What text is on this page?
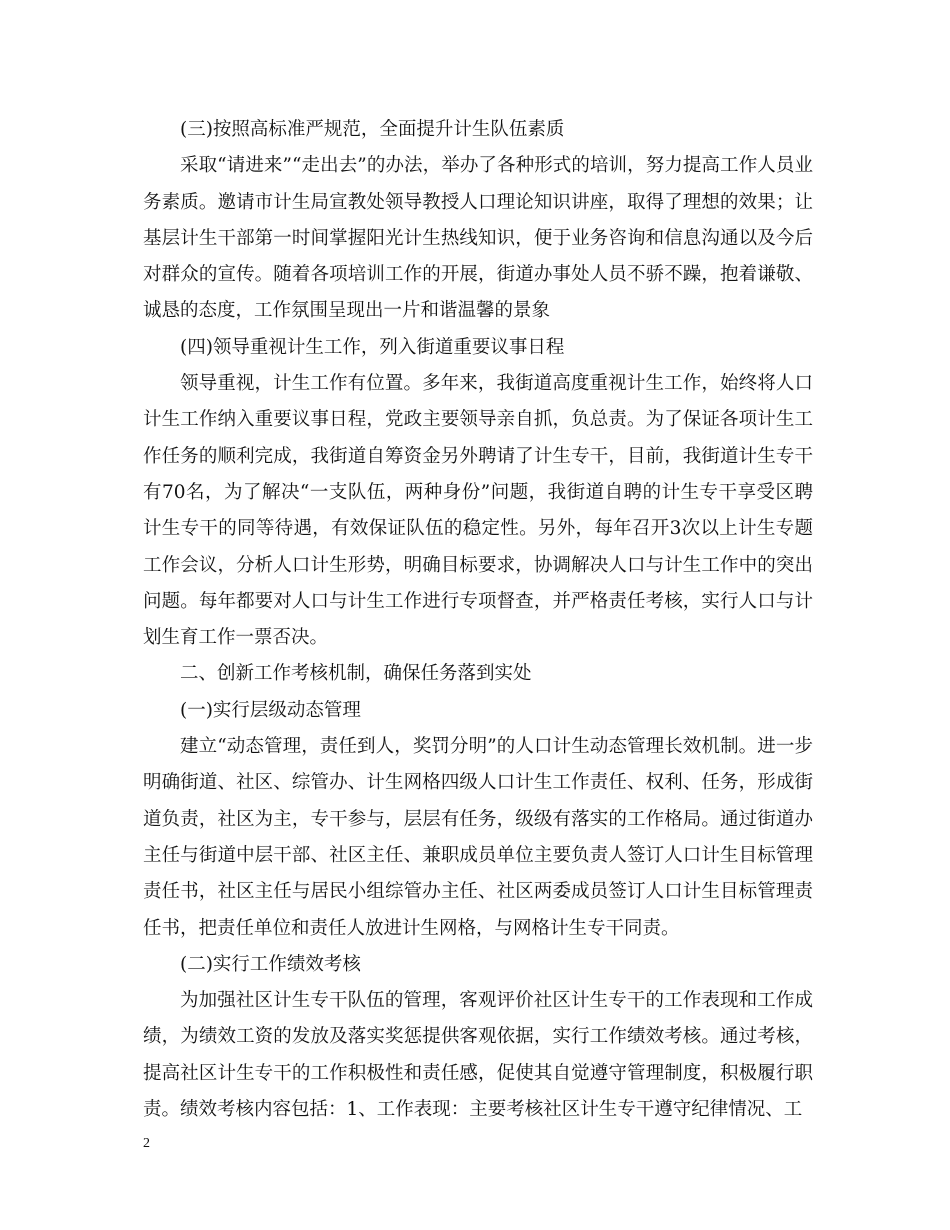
(三)按照高标准严规范，全面提升计生队伍素质

采取“请进来”“走出去”的办法，举办了各种形式的培训，努力提高工作人员业务素质。邀请市计生局宣教处领导教授人口理论知识讲座，取得了理想的效果；让基层计生干部第一时间掌握阳光计生热线知识，便于业务咨询和信息沟通以及今后对群众的宣传。随着各项培训工作的开展，街道办事处人员不骄不躁，抱着谦敬、诚恳的态度，工作氛围呈现出一片和谐温馨的景象

(四)领导重视计生工作，列入街道重要议事日程

领导重视，计生工作有位置。多年来，我街道高度重视计生工作，始终将人口计生工作纳入重要议事日程，党政主要领导亲自抓，负总责。为了保证各项计生工作任务的顺利完成，我街道自筹资金另外聘请了计生专干，目前，我街道计生专干有70名，为了解决“一支队伍，两种身份”问题，我街道自聘的计生专干享受区聘计生专干的同等待遇，有效保证队伍的稳定性。另外，每年召开3次以上计生专题工作会议，分析人口计生形势，明确目标要求，协调解决人口与计生工作中的突出问题。每年都要对人口与计生工作进行专项督查，并严格责任考核，实行人口与计划生育工作一票否决。

二、创新工作考核机制，确保任务落到实处

(一)实行层级动态管理

建立“动态管理，责任到人，奖罚分明”的人口计生动态管理长效机制。进一步明确街道、社区、综管办、计生网格四级人口计生工作责任、权利、任务，形成街道负责，社区为主，专干参与，层层有任务，级级有落实的工作格局。通过街道办主任与街道中层干部、社区主任、兼职成员单位主要负责人签订人口计生目标管理责任书，社区主任与居民小组综管办主任、社区两委成员签订人口计生目标管理责任书，把责任单位和责任人放进计生网格，与网格计生专干同责。

(二)实行工作绩效考核

为加强社区计生专干队伍的管理，客观评价社区计生专干的工作表现和工作成绩，为绩效工资的发放及落实奖惩提供客观依据，实行工作绩效考核。通过考核，提高社区计生专干的工作积极性和责任感，促使其自觉遵守管理制度，积极履行职责。绩效考核内容包括：1、工作表现：主要考核社区计生专干遵守纪律情况、工

2
